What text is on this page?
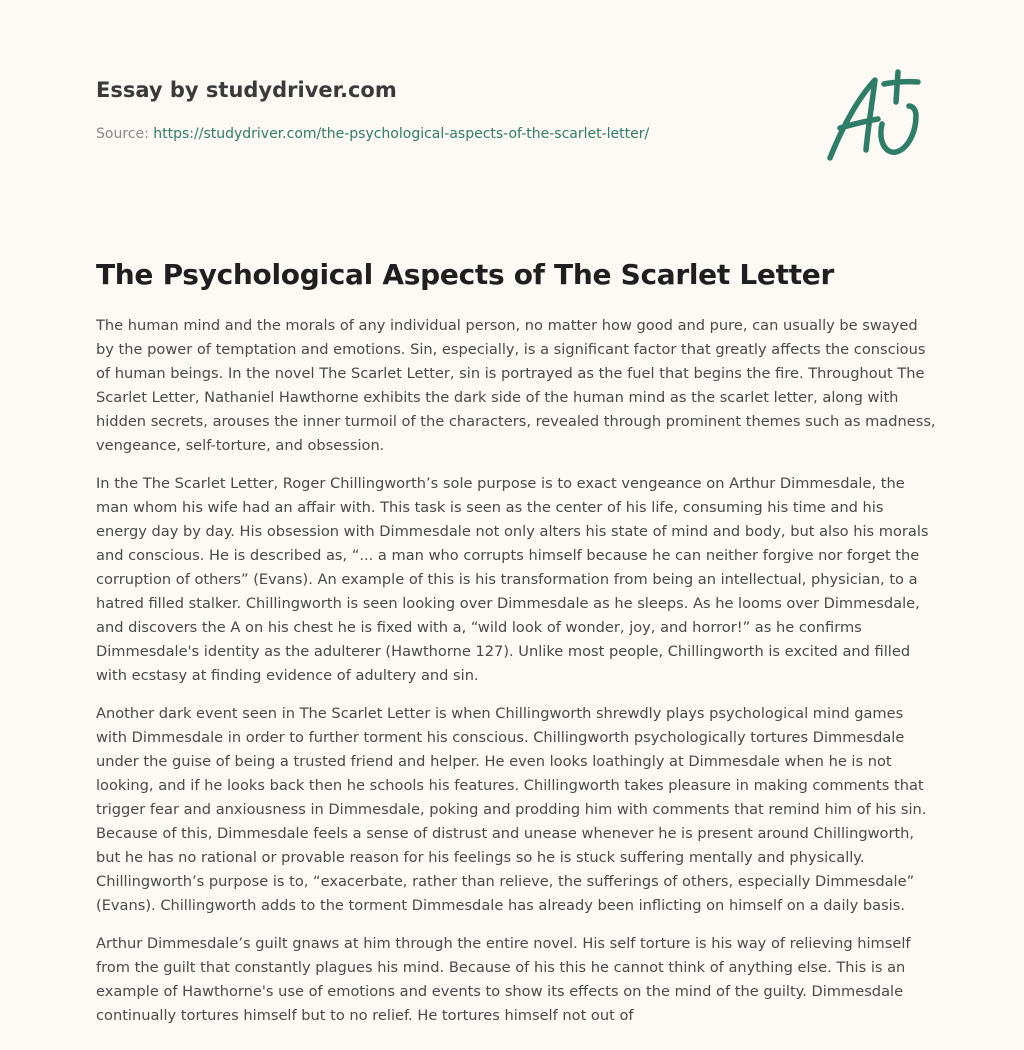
Essay by studydriver.com
Source: https://studydriver.com/the-psychological-aspects-of-the-scarlet-letter/
The Psychological Aspects of The Scarlet Letter

The human mind and the morals of any individual person, no matter how good and pure, can usually be swayed by the power of temptation and emotions. Sin, especially, is a significant factor that greatly affects the conscious of human beings. In the novel The Scarlet Letter, sin is portrayed as the fuel that begins the fire. Throughout The Scarlet Letter, Nathaniel Hawthorne exhibits the dark side of the human mind as the scarlet letter, along with hidden secrets, arouses the inner turmoil of the characters, revealed through prominent themes such as madness, vengeance, self-torture, and obsession.

In the The Scarlet Letter, Roger Chillingworth’s sole purpose is to exact vengeance on Arthur Dimmesdale, the man whom his wife had an affair with. This task is seen as the center of his life, consuming his time and his energy day by day. His obsession with Dimmesdale not only alters his state of mind and body, but also his morals and conscious. He is described as, “... a man who corrupts himself because he can neither forgive nor forget the corruption of others” (Evans). An example of this is his transformation from being an intellectual, physician, to a hatred filled stalker. Chillingworth is seen looking over Dimmesdale as he sleeps. As he looms over Dimmesdale, and discovers the A on his chest he is fixed with a, “wild look of wonder, joy, and horror!” as he confirms Dimmesdale's identity as the adulterer (Hawthorne 127). Unlike most people, Chillingworth is excited and filled with ecstasy at finding evidence of adultery and sin.

Another dark event seen in The Scarlet Letter is when Chillingworth shrewdly plays psychological mind games with Dimmesdale in order to further torment his conscious. Chillingworth psychologically tortures Dimmesdale under the guise of being a trusted friend and helper. He even looks loathingly at Dimmesdale when he is not looking, and if he looks back then he schools his features. Chillingworth takes pleasure in making comments that trigger fear and anxiousness in Dimmesdale, poking and prodding him with comments that remind him of his sin. Because of this, Dimmesdale feels a sense of distrust and unease whenever he is present around Chillingworth, but he has no rational or provable reason for his feelings so he is stuck suffering mentally and physically. Chillingworth’s purpose is to, “exacerbate, rather than relieve, the sufferings of others, especially Dimmesdale” (Evans). Chillingworth adds to the torment Dimmesdale has already been inflicting on himself on a daily basis.

Arthur Dimmesdale’s guilt gnaws at him through the entire novel. His self torture is his way of relieving himself from the guilt that constantly plagues his mind. Because of his this he cannot think of anything else. This is an example of Hawthorne's use of emotions and events to show its effects on the mind of the guilty. Dimmesdale continually tortures himself but to no relief. He tortures himself not out of
